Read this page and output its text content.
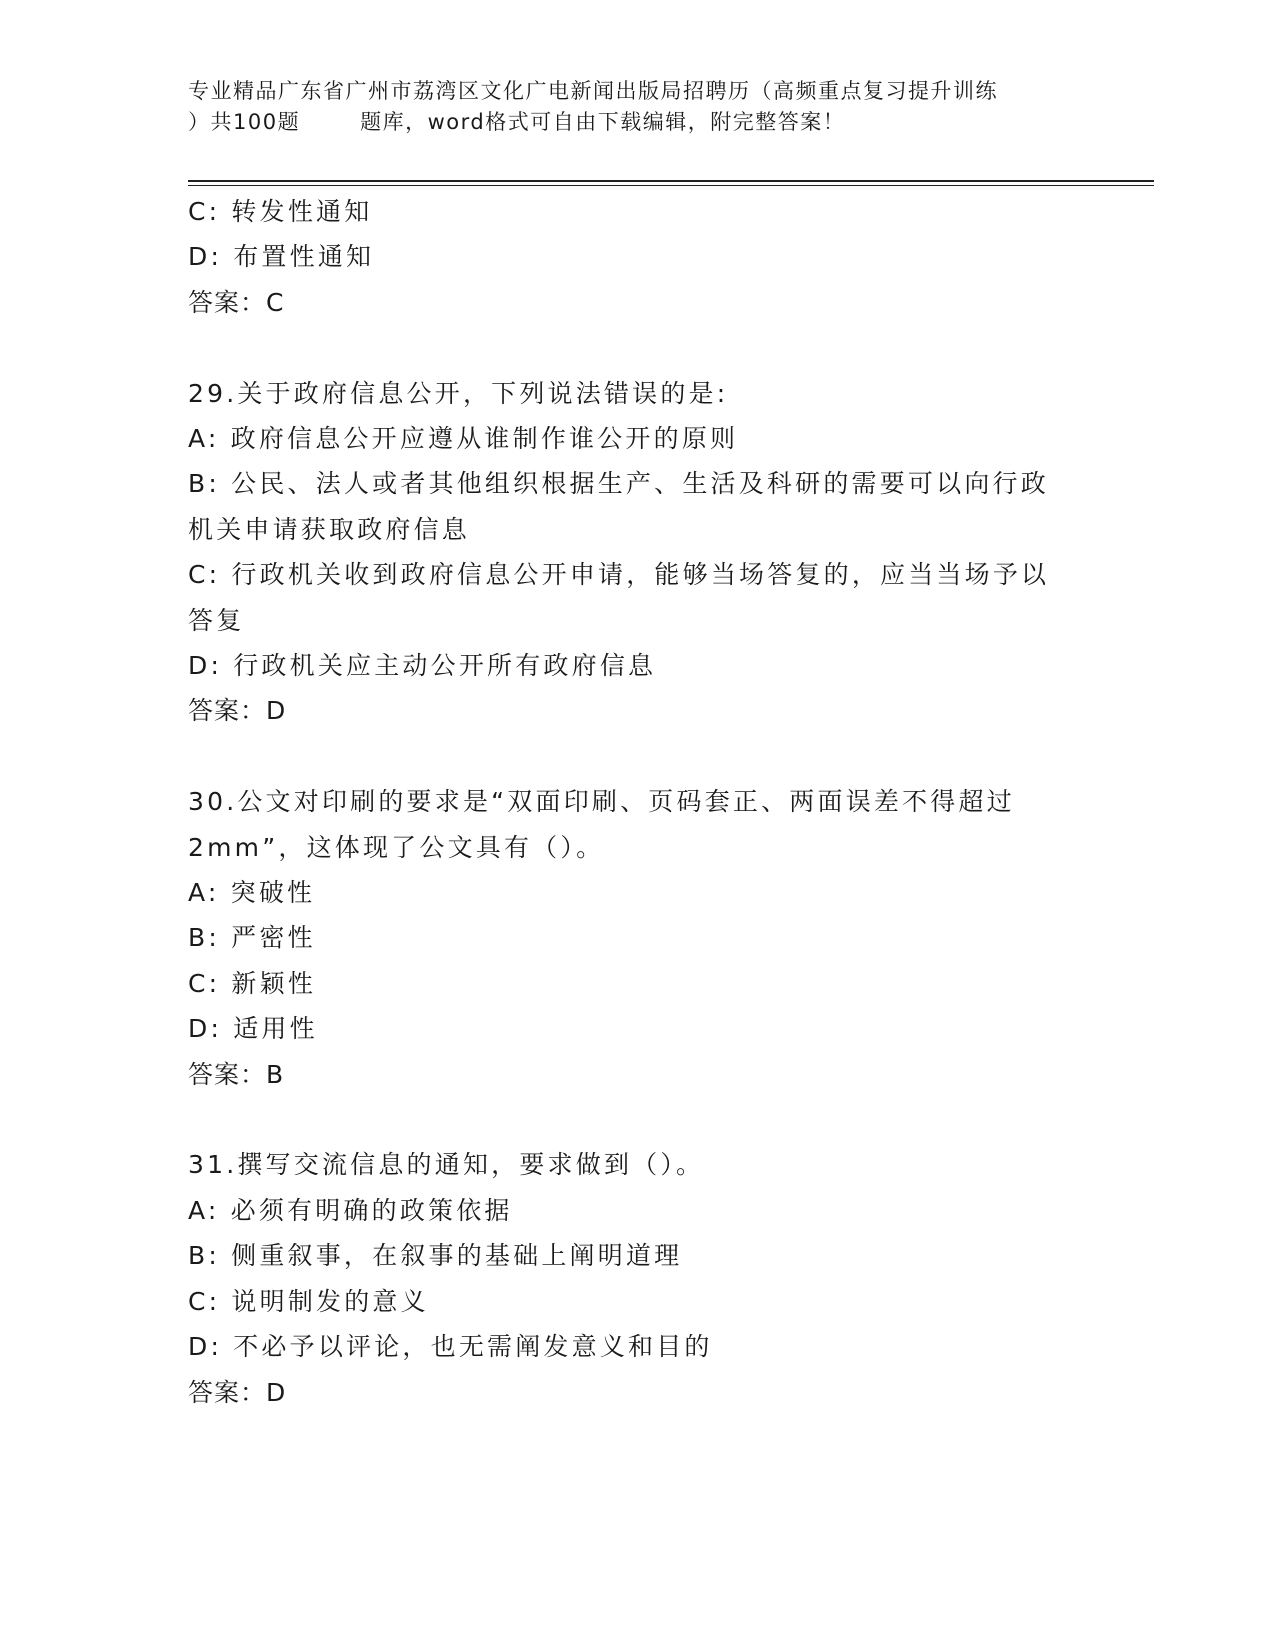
专业精品广东省广州市荔湾区文化广电新闻出版局招聘历（高频重点复习提升训练
）共100题	题库，word格式可自由下载编辑，附完整答案！
C: 转发性通知
D: 布置性通知
答案：C
29.关于政府信息公开，下列说法错误的是:
A: 政府信息公开应遵从谁制作谁公开的原则
B: 公民、法人或者其他组织根据生产、生活及科研的需要可以向行政
机关申请获取政府信息
C: 行政机关收到政府信息公开申请，能够当场答复的，应当当场予以
答复
D: 行政机关应主动公开所有政府信息
答案：D
30.公文对印刷的要求是“双面印刷、页码套正、两面误差不得超过
2mm”，这体现了公文具有（）。
A: 突破性
B: 严密性
C: 新颖性
D: 适用性
答案：B
31.撰写交流信息的通知，要求做到（）。
A: 必须有明确的政策依据
B: 侧重叙事，在叙事的基础上阐明道理
C: 说明制发的意义
D: 不必予以评论，也无需阐发意义和目的
答案：D
